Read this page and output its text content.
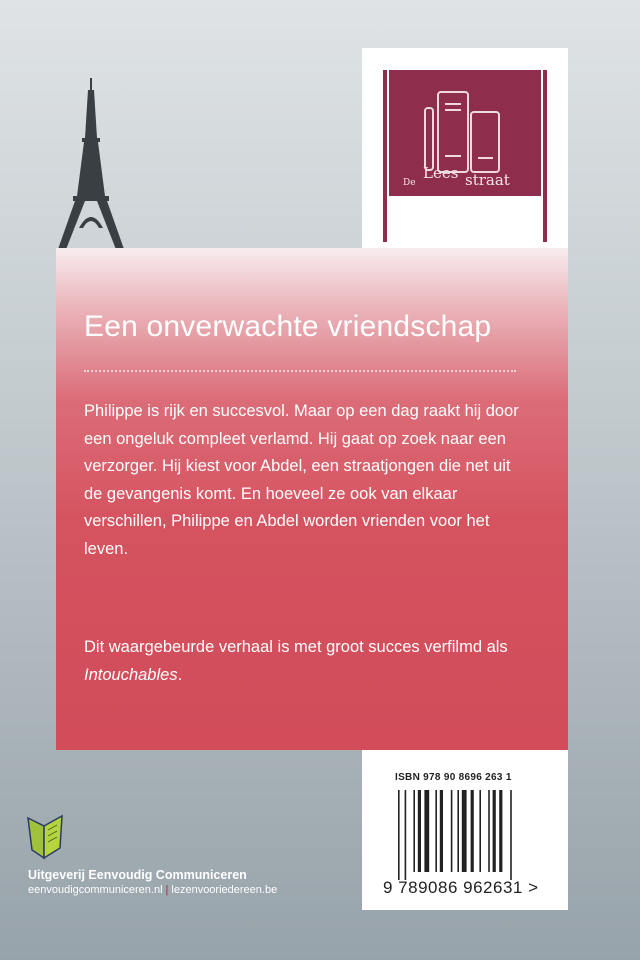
De
Lees straat
Een onverwachte vriendschap
Philippe is rijk en succesvol. Maar op een dag raakt hij door een ongeluk compleet verlamd. Hij gaat op zoek naar een verzorger. Hij kiest voor Abdel, een straatjongen die net uit de gevangenis komt. En hoeveel ze ook van elkaar verschillen, Philippe en Abdel worden vrienden voor het leven.
Dit waargebeurde verhaal is met groot succes verfilmd als Intouchables.
ISBN 978 90 8696 263 1
9 789086 962631 >
Uitgeverij Eenvoudig Communiceren
eenvoudigcommuniceren.nl | lezenvooriedereen.be
